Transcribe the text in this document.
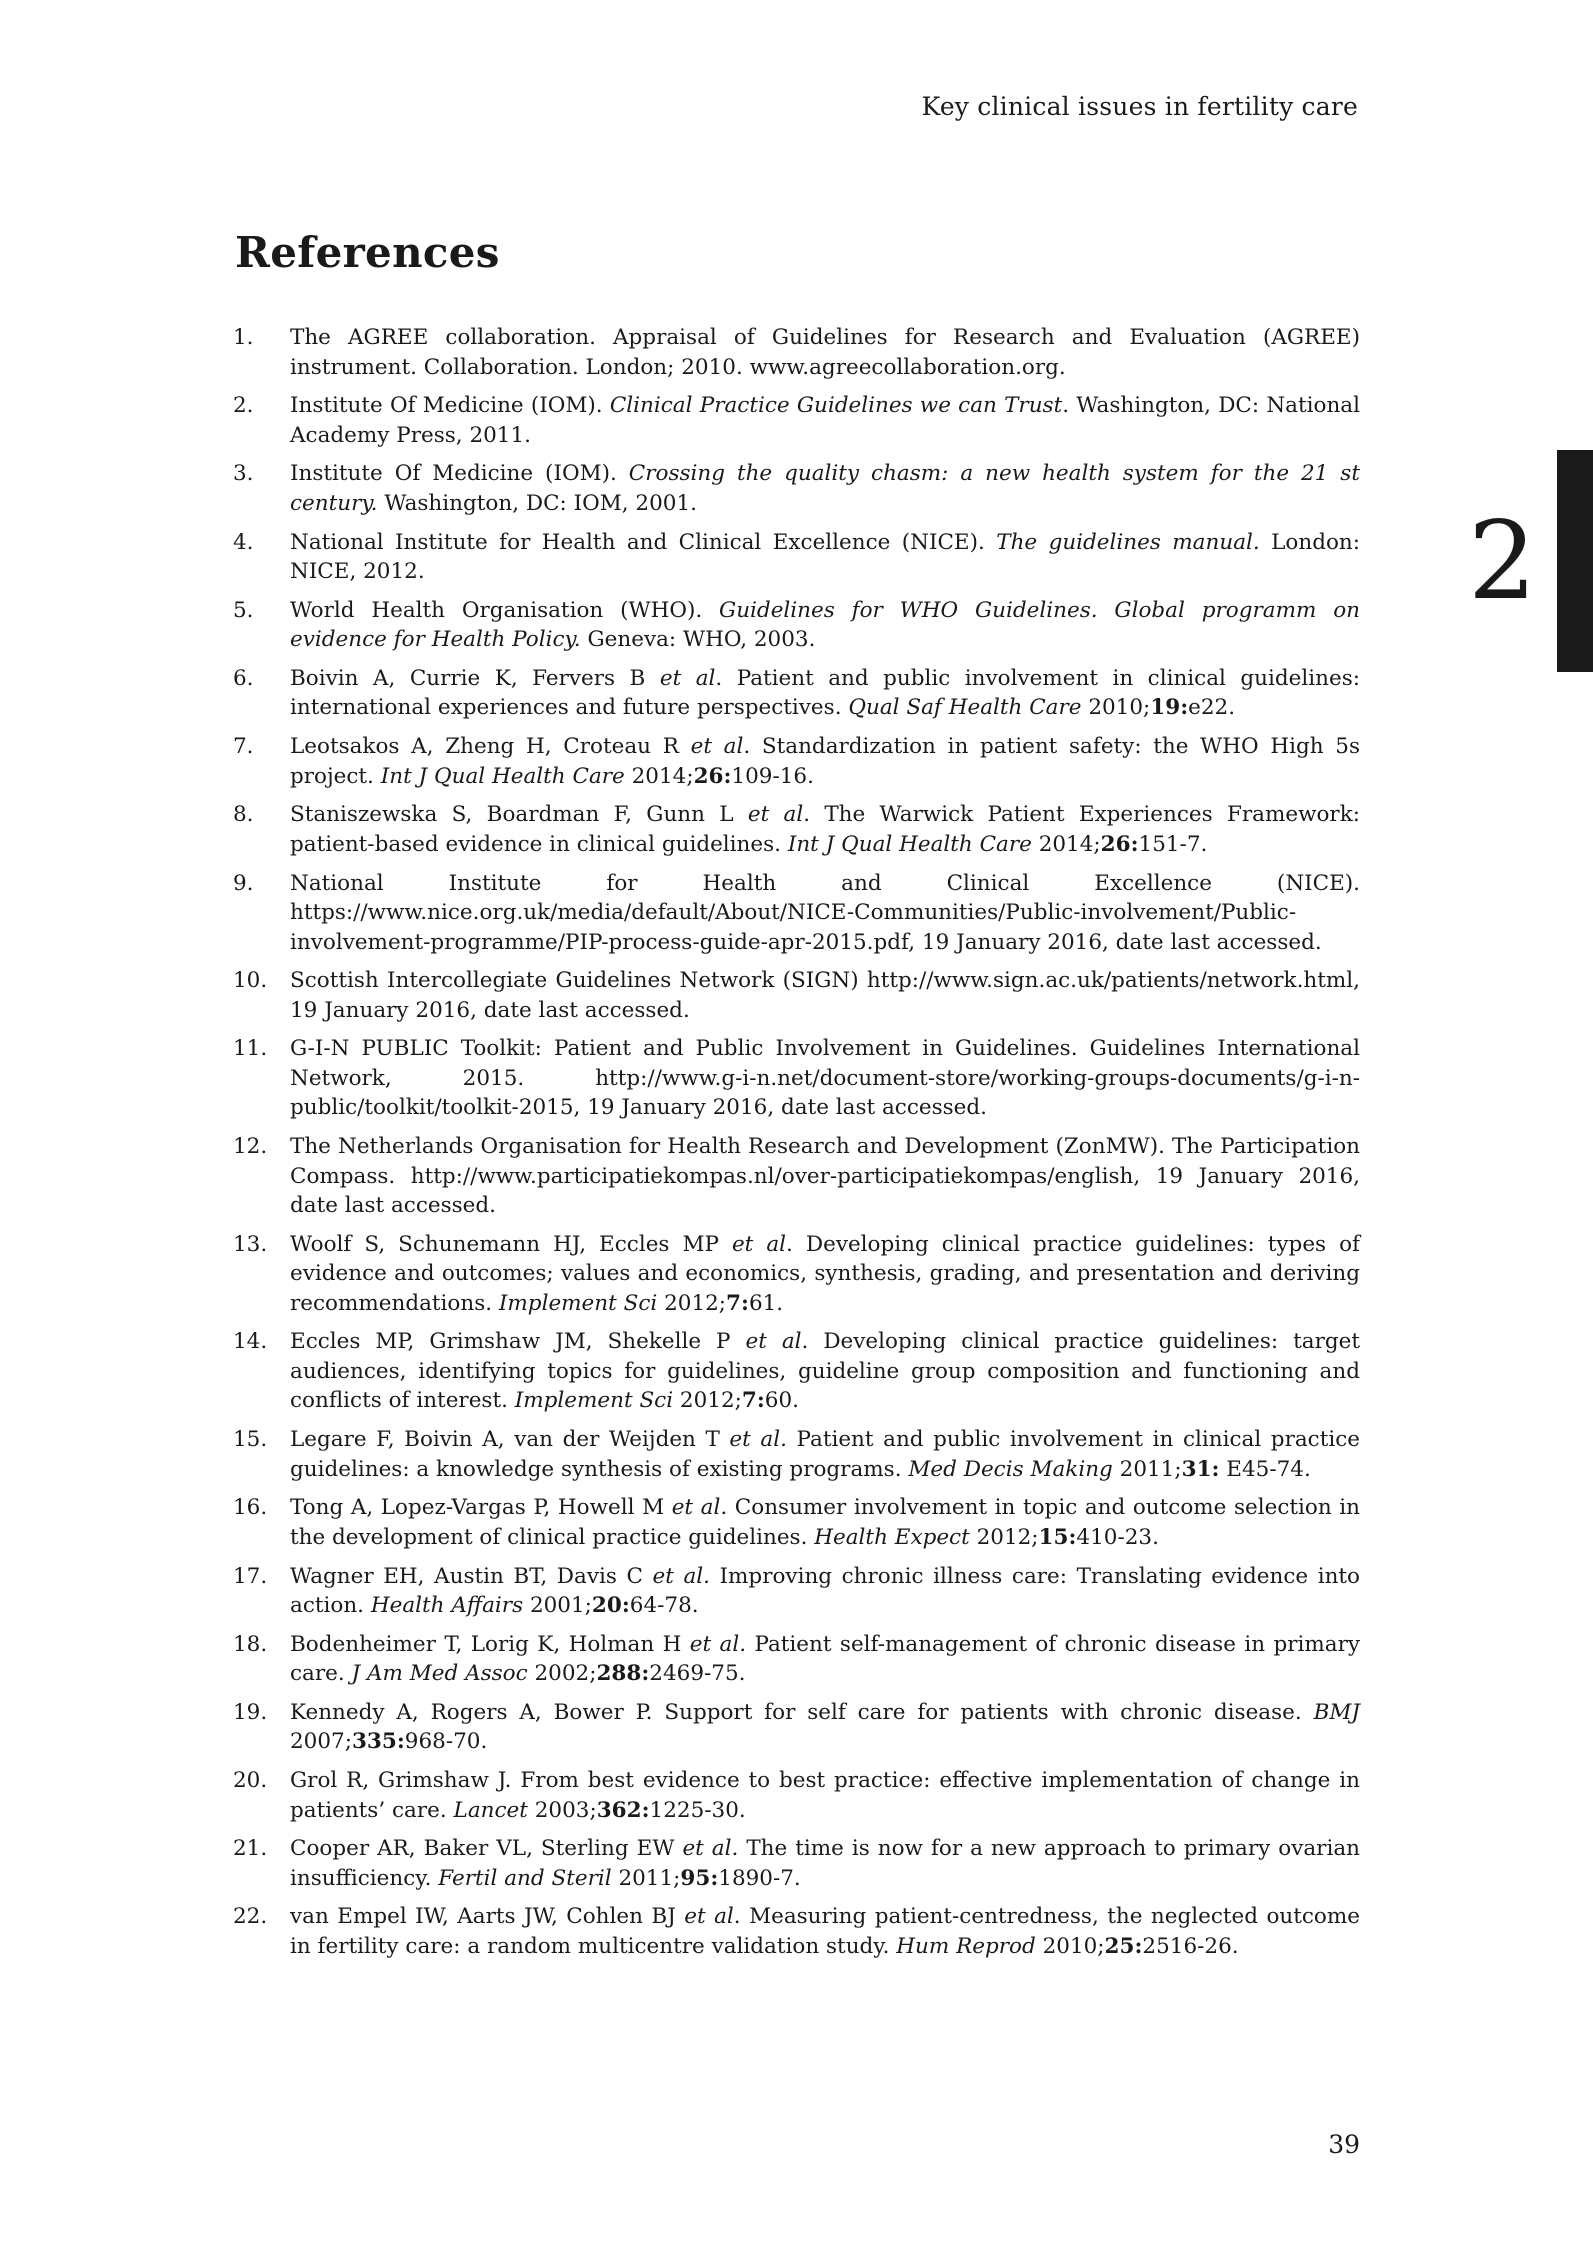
Key clinical issues in fertility care
References
2
1.	The AGREE collaboration. Appraisal of Guidelines for Research and Evaluation (AGREE) instrument. Collaboration. London; 2010. www.agreecollaboration.org.
2.	Institute Of Medicine (IOM). Clinical Practice Guidelines we can Trust. Washington, DC: National Academy Press, 2011.
3.	Institute Of Medicine (IOM). Crossing the quality chasm: a new health system for the 21 st century. Washington, DC: IOM, 2001.
4.	National Institute for Health and Clinical Excellence (NICE). The guidelines manual. London: NICE, 2012.
5.	World Health Organisation (WHO). Guidelines for WHO Guidelines. Global programm on evidence for Health Policy. Geneva: WHO, 2003.
6.	Boivin A, Currie K, Fervers B et al. Patient and public involvement in clinical guidelines: international experiences and future perspectives. Qual Saf Health Care 2010;19:e22.
7.	Leotsakos A, Zheng H, Croteau R et al. Standardization in patient safety: the WHO High 5s project. Int J Qual Health Care 2014;26:109-16.
8.	Staniszewska S, Boardman F, Gunn L et al. The Warwick Patient Experiences Framework: patient-based evidence in clinical guidelines. Int J Qual Health Care 2014;26:151-7.
9.	National Institute for Health and Clinical Excellence (NICE). https://www.nice.org.uk/media/default/About/NICE-Communities/Public-involvement/Public-involvement-programme/PIP-process-guide-apr-2015.pdf, 19 January 2016, date last accessed.
10.	Scottish Intercollegiate Guidelines Network (SIGN) http://www.sign.ac.uk/patients/network.html, 19 January 2016, date last accessed.
11.	G-I-N PUBLIC Toolkit: Patient and Public Involvement in Guidelines. Guidelines International Network, 2015. http://www.g-i-n.net/document-store/working-groups-documents/g-i-n-public/toolkit/toolkit-2015, 19 January 2016, date last accessed.
12.	The Netherlands Organisation for Health Research and Development (ZonMW). The Participation Compass. http://www.participatiekompas.nl/over-participatiekompas/english, 19 January 2016, date last accessed.
13.	Woolf S, Schunemann HJ, Eccles MP et al. Developing clinical practice guidelines: types of evidence and outcomes; values and economics, synthesis, grading, and presentation and deriving recommendations. Implement Sci 2012;7:61.
14.	Eccles MP, Grimshaw JM, Shekelle P et al. Developing clinical practice guidelines: target audiences, identifying topics for guidelines, guideline group composition and functioning and conflicts of interest. Implement Sci 2012;7:60.
15.	Legare F, Boivin A, van der Weijden T et al. Patient and public involvement in clinical practice guidelines: a knowledge synthesis of existing programs. Med Decis Making 2011;31: E45-74.
16.	Tong A, Lopez-Vargas P, Howell M et al. Consumer involvement in topic and outcome selection in the development of clinical practice guidelines. Health Expect 2012;15:410-23.
17.	Wagner EH, Austin BT, Davis C et al. Improving chronic illness care: Translating evidence into action. Health Affairs 2001;20:64-78.
18.	Bodenheimer T, Lorig K, Holman H et al. Patient self-management of chronic disease in primary care. J Am Med Assoc 2002;288:2469-75.
19.	Kennedy A, Rogers A, Bower P. Support for self care for patients with chronic disease. BMJ 2007;335:968-70.
20.	Grol R, Grimshaw J. From best evidence to best practice: effective implementation of change in patients’ care. Lancet 2003;362:1225-30.
21.	Cooper AR, Baker VL, Sterling EW et al. The time is now for a new approach to primary ovarian insufficiency. Fertil and Steril 2011;95:1890-7.
22.	van Empel IW, Aarts JW, Cohlen BJ et al. Measuring patient-centredness, the neglected outcome in fertility care: a random multicentre validation study. Hum Reprod 2010;25:2516-26.
39
